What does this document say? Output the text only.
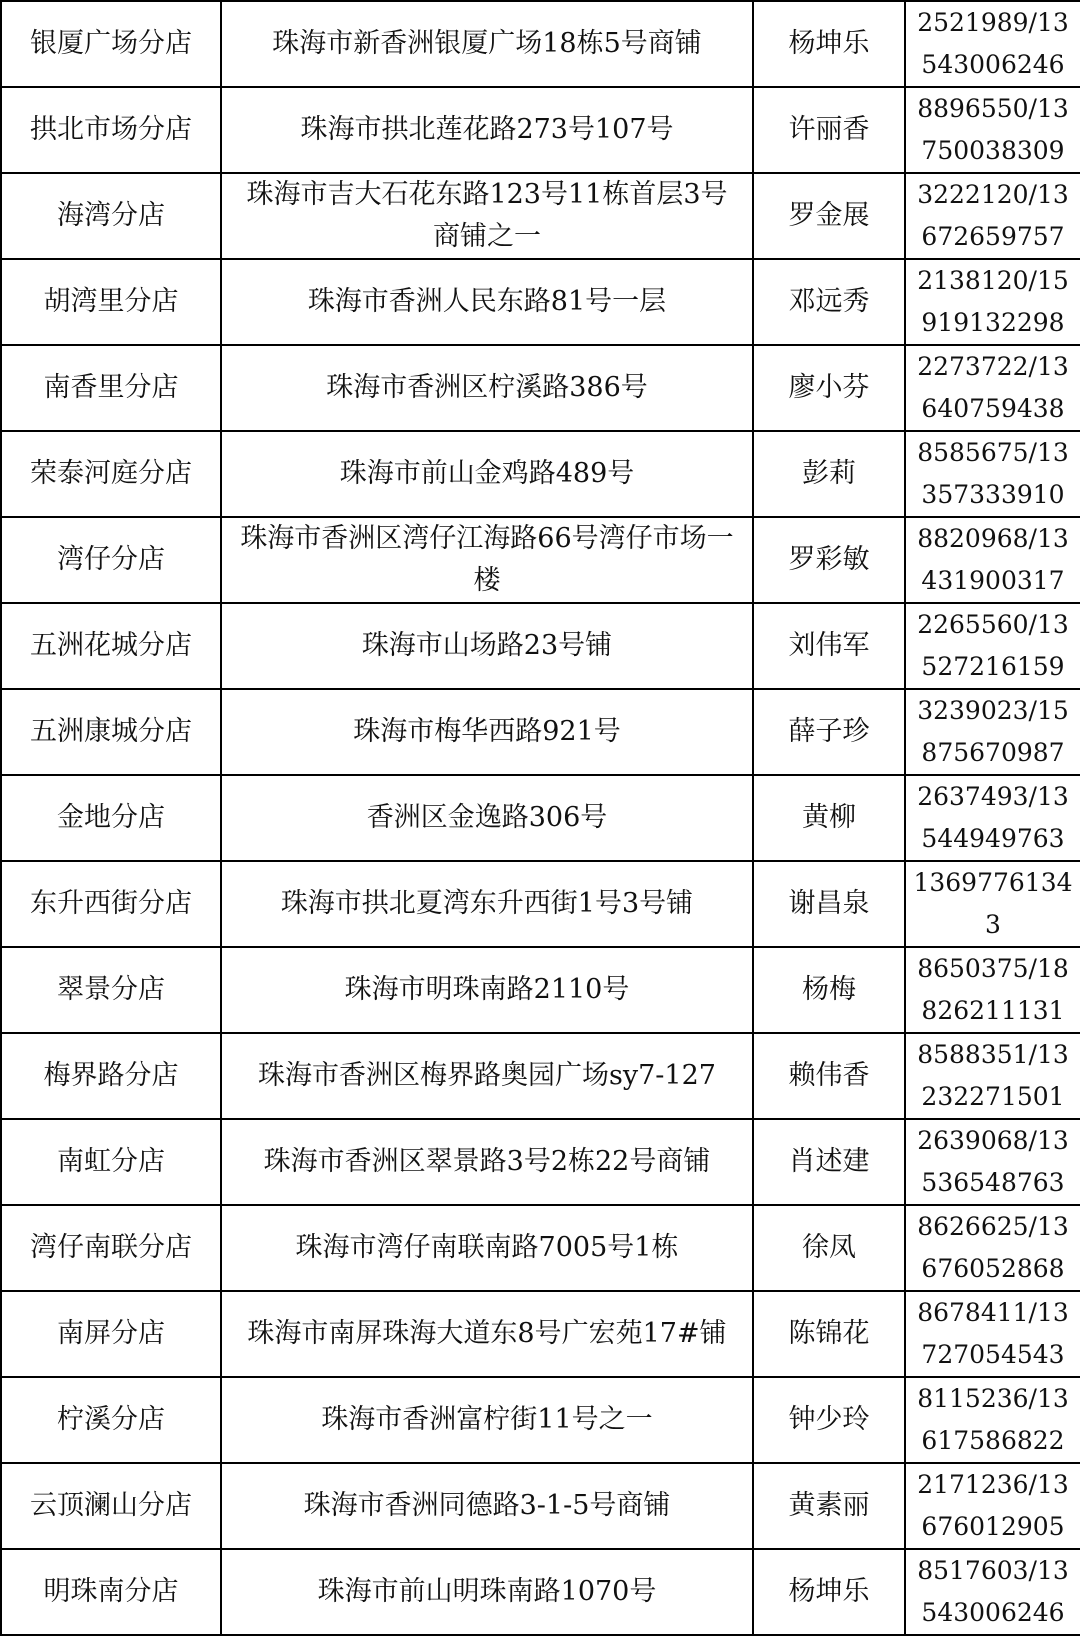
银厦广场分店	珠海市新香洲银厦广场18栋5号商铺	杨坤乐	2521989/13543006246
拱北市场分店	珠海市拱北莲花路273号107号	许丽香	8896550/13750038309
海湾分店	珠海市吉大石花东路123号11栋首层3号商铺之一	罗金展	3222120/13672659757
胡湾里分店	珠海市香洲人民东路81号一层	邓远秀	2138120/15919132298
南香里分店	珠海市香洲区柠溪路386号	廖小芬	2273722/13640759438
荣泰河庭分店	珠海市前山金鸡路489号	彭莉	8585675/13357333910
湾仔分店	珠海市香洲区湾仔江海路66号湾仔市场一楼	罗彩敏	8820968/13431900317
五洲花城分店	珠海市山场路23号铺	刘伟军	2265560/13527216159
五洲康城分店	珠海市梅华西路921号	薛子珍	3239023/15875670987
金地分店	香洲区金逸路306号	黄柳	2637493/13544949763
东升西街分店	珠海市拱北夏湾东升西街1号3号铺	谢昌泉	13697761343
翠景分店	珠海市明珠南路2110号	杨梅	8650375/18826211131
梅界路分店	珠海市香洲区梅界路奥园广场sy7-127	赖伟香	8588351/13232271501
南虹分店	珠海市香洲区翠景路3号2栋22号商铺	肖述建	2639068/13536548763
湾仔南联分店	珠海市湾仔南联南路7005号1栋	徐凤	8626625/13676052868
南屏分店	珠海市南屏珠海大道东8号广宏苑17#铺	陈锦花	8678411/13727054543
柠溪分店	珠海市香洲富柠街11号之一	钟少玲	8115236/13617586822
云顶澜山分店	珠海市香洲同德路3-1-5号商铺	黄素丽	2171236/13676012905
明珠南分店	珠海市前山明珠南路1070号	杨坤乐	8517603/13543006246
